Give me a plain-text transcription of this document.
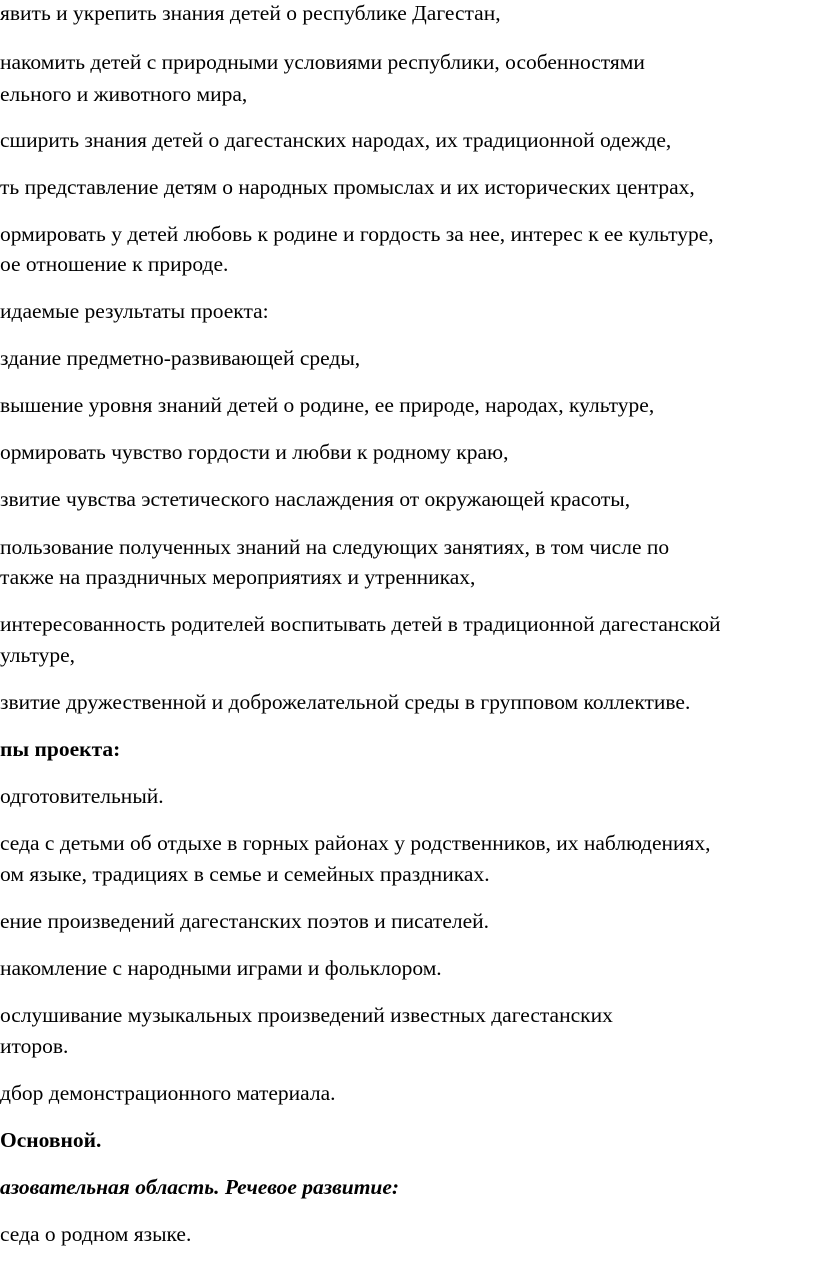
явить и укрепить знания детей о республике Дагестан,
накомить детей с природными условиями республики, особенностями
ельного и животного мира,
сширить знания детей о дагестанских народах, их традиционной одежде,
ть представление детям о народных промыслах и их исторических центрах,
ормировать у детей любовь к родине и гордость за нее, интерес к ее культуре,
ое отношение к природе.
идаемые результаты проекта:
здание предметно-развивающей среды,
вышение уровня знаний детей о родине, ее природе, народах, культуре,
ормировать чувство гордости и любви к родному краю,
звитие чувства эстетического наслаждения от окружающей красоты,
пользование полученных знаний на следующих занятиях, в том числе по
также на праздничных мероприятиях и утренниках,
интересованность родителей воспитывать детей в традиционной дагестанской
ультуре,
звитие дружественной и доброжелательной среды в групповом коллективе.
пы проекта:
одготовительный.
седа с детьми об отдыхе в горных районах у родственников, их наблюдениях,
ом языке, традициях в семье и семейных праздниках.
ение произведений дагестанских поэтов и писателей.
накомление с народными играми и фольклором.
ослушивание музыкальных произведений известных дагестанских
иторов.
дбор демонстрационного материала.
Основной.
азовательная область. Речевое развитие:
седа о родном языке.
